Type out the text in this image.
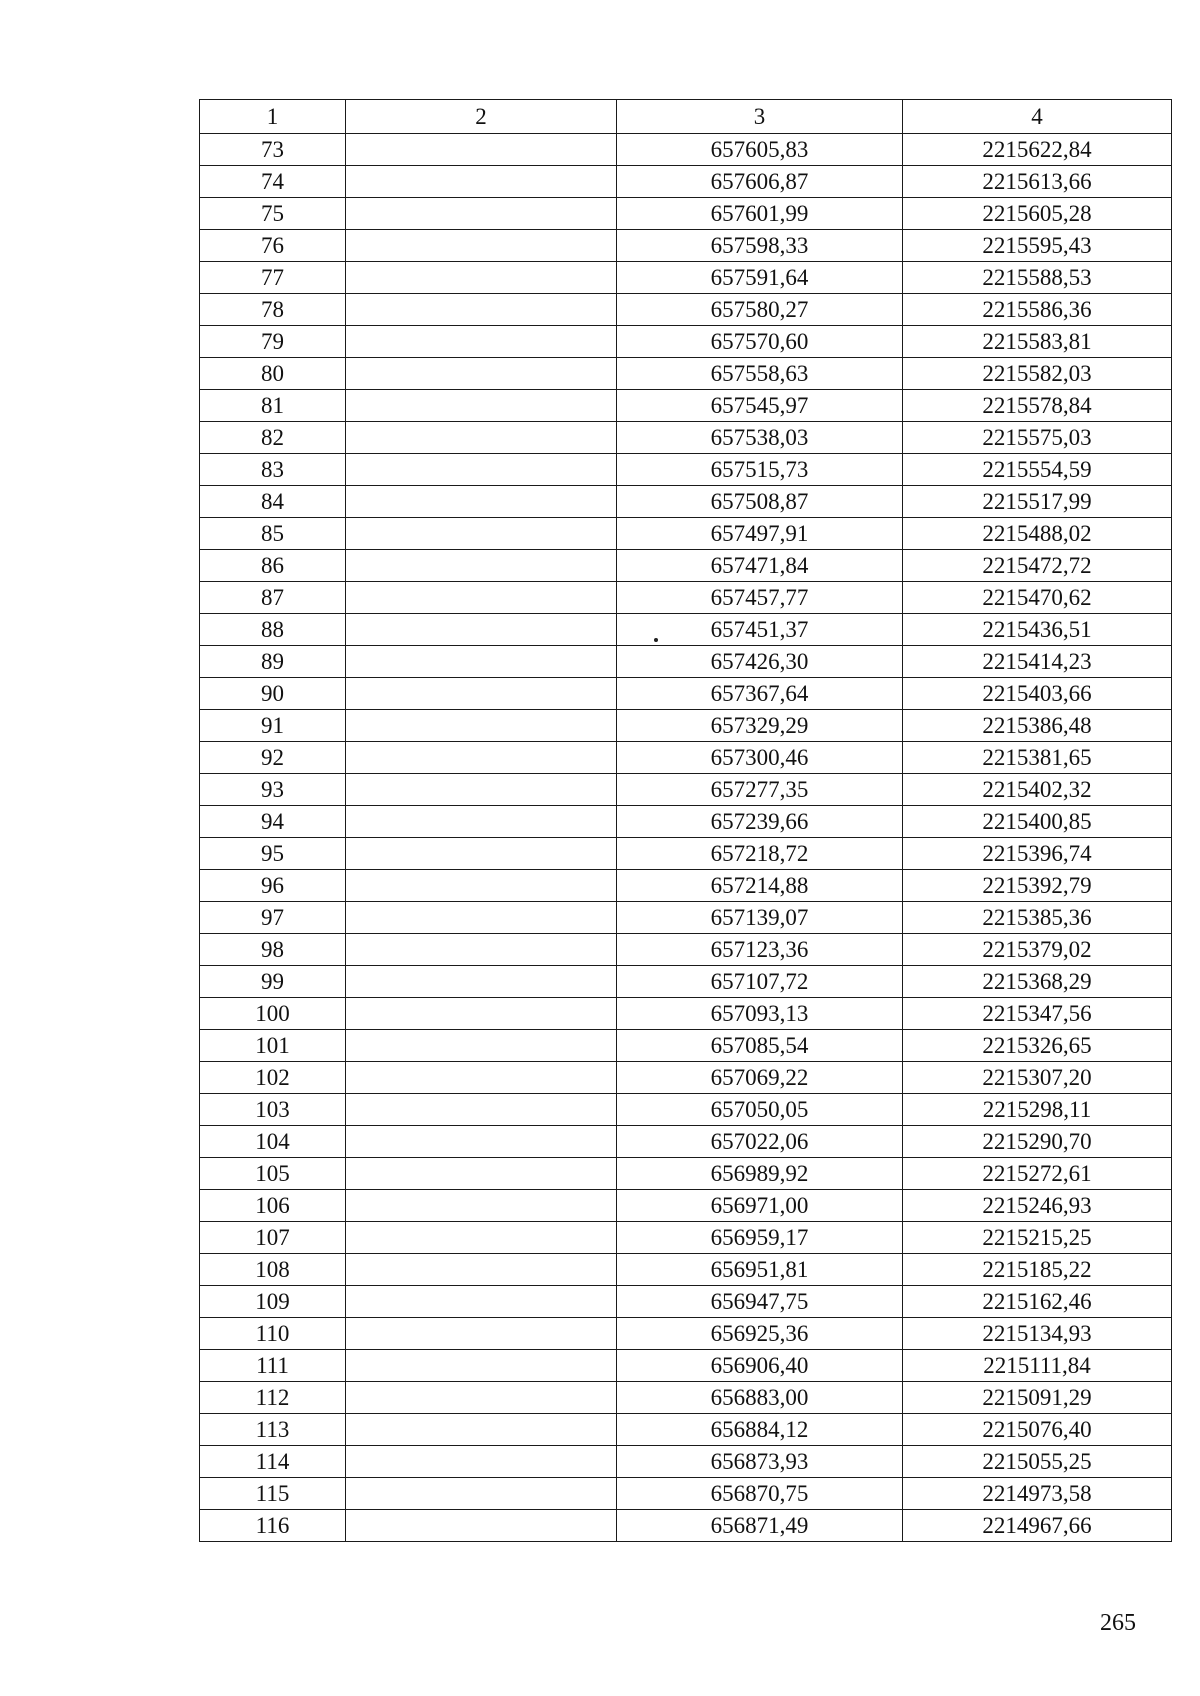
1	2	3	4
73		657605,83	2215622,84
74		657606,87	2215613,66
75		657601,99	2215605,28
76		657598,33	2215595,43
77		657591,64	2215588,53
78		657580,27	2215586,36
79		657570,60	2215583,81
80		657558,63	2215582,03
81		657545,97	2215578,84
82		657538,03	2215575,03
83		657515,73	2215554,59
84		657508,87	2215517,99
85		657497,91	2215488,02
86		657471,84	2215472,72
87		657457,77	2215470,62
88		657451,37	2215436,51
89		657426,30	2215414,23
90		657367,64	2215403,66
91		657329,29	2215386,48
92		657300,46	2215381,65
93		657277,35	2215402,32
94		657239,66	2215400,85
95		657218,72	2215396,74
96		657214,88	2215392,79
97		657139,07	2215385,36
98		657123,36	2215379,02
99		657107,72	2215368,29
100		657093,13	2215347,56
101		657085,54	2215326,65
102		657069,22	2215307,20
103		657050,05	2215298,11
104		657022,06	2215290,70
105		656989,92	2215272,61
106		656971,00	2215246,93
107		656959,17	2215215,25
108		656951,81	2215185,22
109		656947,75	2215162,46
110		656925,36	2215134,93
111		656906,40	2215111,84
112		656883,00	2215091,29
113		656884,12	2215076,40
114		656873,93	2215055,25
115		656870,75	2214973,58
116		656871,49	2214967,66
265
